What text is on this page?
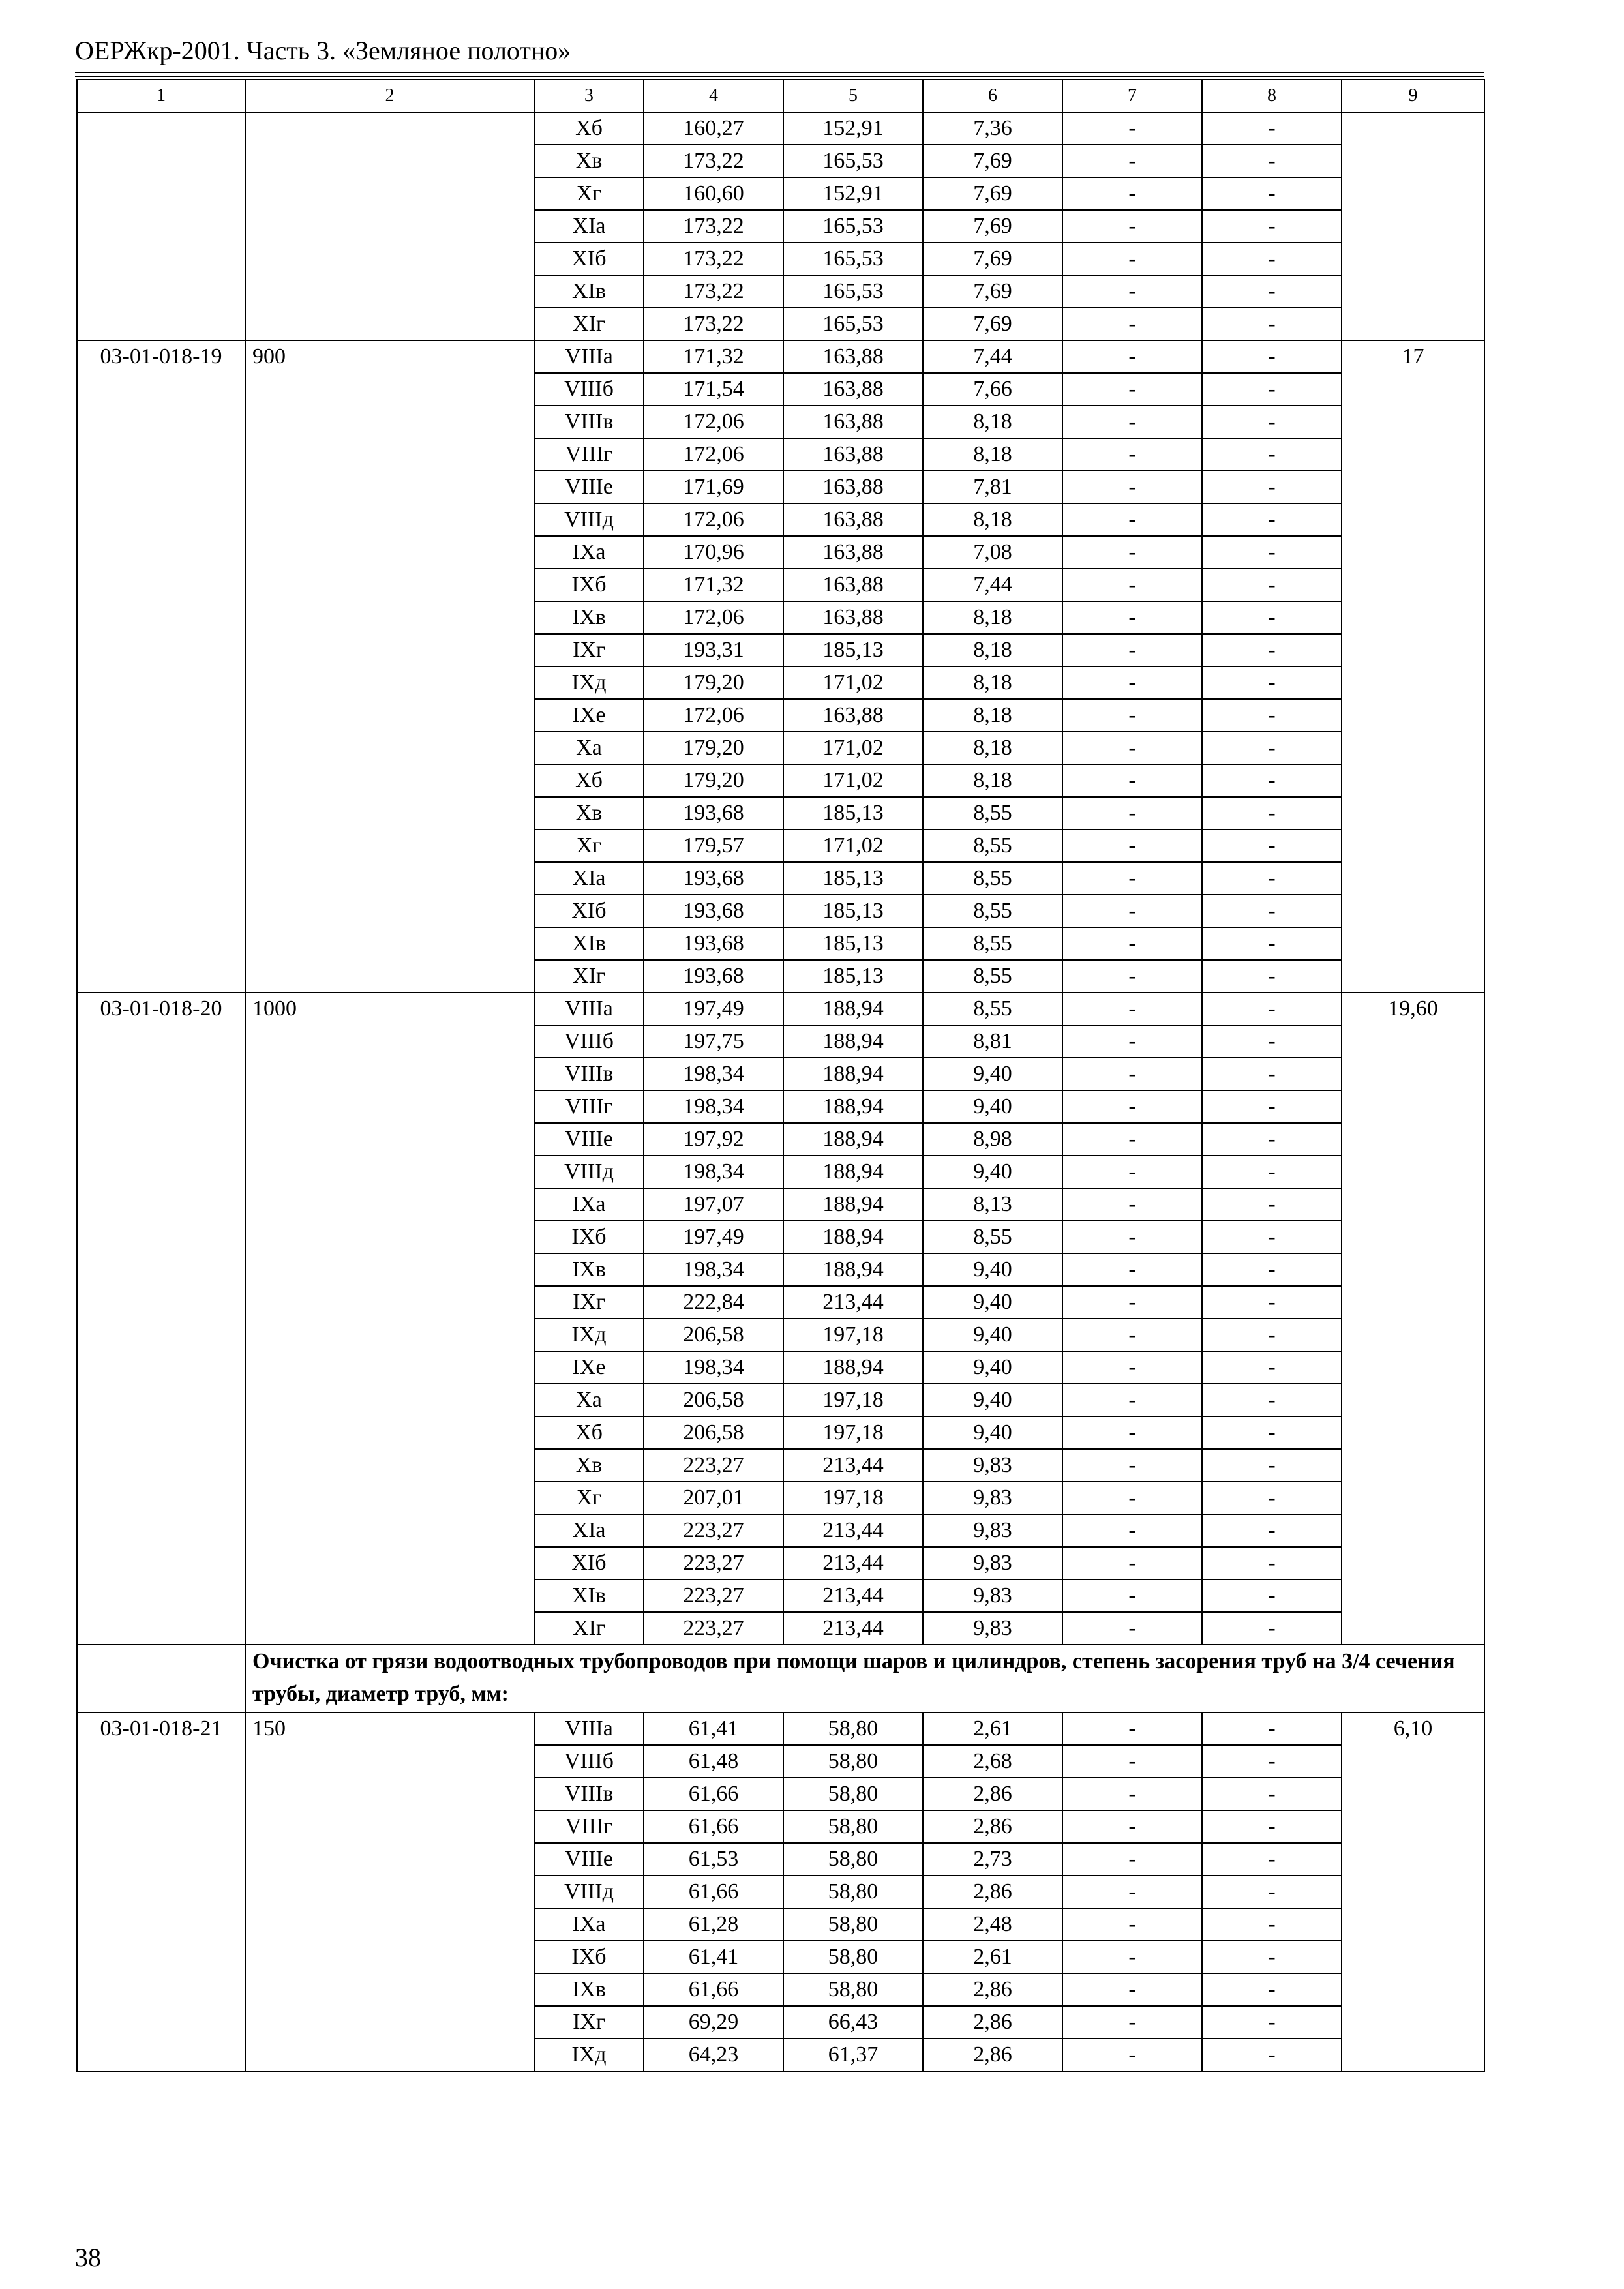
ОЕРЖкр-2001. Часть 3. «Земляное полотно»
1	2	3	4	5	6	7	8	9
		Xб	160,27	152,91	7,36	-	-	
		Xв	173,22	165,53	7,69	-	-	
		Xг	160,60	152,91	7,69	-	-	
		XIа	173,22	165,53	7,69	-	-	
		XIб	173,22	165,53	7,69	-	-	
		XIв	173,22	165,53	7,69	-	-	
		XIг	173,22	165,53	7,69	-	-	
03-01-018-19	900	VIIIа	171,32	163,88	7,44	-	-	17
		VIIIб	171,54	163,88	7,66	-	-	
		VIIIв	172,06	163,88	8,18	-	-	
		VIIIг	172,06	163,88	8,18	-	-	
		VIIIе	171,69	163,88	7,81	-	-	
		VIIIд	172,06	163,88	8,18	-	-	
		IXа	170,96	163,88	7,08	-	-	
		IXб	171,32	163,88	7,44	-	-	
		IXв	172,06	163,88	8,18	-	-	
		IXг	193,31	185,13	8,18	-	-	
		IXд	179,20	171,02	8,18	-	-	
		IXе	172,06	163,88	8,18	-	-	
		Xа	179,20	171,02	8,18	-	-	
		Xб	179,20	171,02	8,18	-	-	
		Xв	193,68	185,13	8,55	-	-	
		Xг	179,57	171,02	8,55	-	-	
		XIа	193,68	185,13	8,55	-	-	
		XIб	193,68	185,13	8,55	-	-	
		XIв	193,68	185,13	8,55	-	-	
		XIг	193,68	185,13	8,55	-	-	
03-01-018-20	1000	VIIIа	197,49	188,94	8,55	-	-	19,60
		VIIIб	197,75	188,94	8,81	-	-	
		VIIIв	198,34	188,94	9,40	-	-	
		VIIIг	198,34	188,94	9,40	-	-	
		VIIIе	197,92	188,94	8,98	-	-	
		VIIIд	198,34	188,94	9,40	-	-	
		IXа	197,07	188,94	8,13	-	-	
		IXб	197,49	188,94	8,55	-	-	
		IXв	198,34	188,94	9,40	-	-	
		IXг	222,84	213,44	9,40	-	-	
		IXд	206,58	197,18	9,40	-	-	
		IXе	198,34	188,94	9,40	-	-	
		Xа	206,58	197,18	9,40	-	-	
		Xб	206,58	197,18	9,40	-	-	
		Xв	223,27	213,44	9,83	-	-	
		Xг	207,01	197,18	9,83	-	-	
		XIа	223,27	213,44	9,83	-	-	
		XIб	223,27	213,44	9,83	-	-	
		XIв	223,27	213,44	9,83	-	-	
		XIг	223,27	213,44	9,83	-	-	
	Очистка от грязи водоотводных трубопроводов при помощи шаров и цилиндров, степень засорения труб на 3/4 сечения трубы, диаметр труб, мм:							
03-01-018-21	150	VIIIа	61,41	58,80	2,61	-	-	6,10
		VIIIб	61,48	58,80	2,68	-	-	
		VIIIв	61,66	58,80	2,86	-	-	
		VIIIг	61,66	58,80	2,86	-	-	
		VIIIе	61,53	58,80	2,73	-	-	
		VIIIд	61,66	58,80	2,86	-	-	
		IXа	61,28	58,80	2,48	-	-	
		IXб	61,41	58,80	2,61	-	-	
		IXв	61,66	58,80	2,86	-	-	
		IXг	69,29	66,43	2,86	-	-	
		IXд	64,23	61,37	2,86	-	-	
38
